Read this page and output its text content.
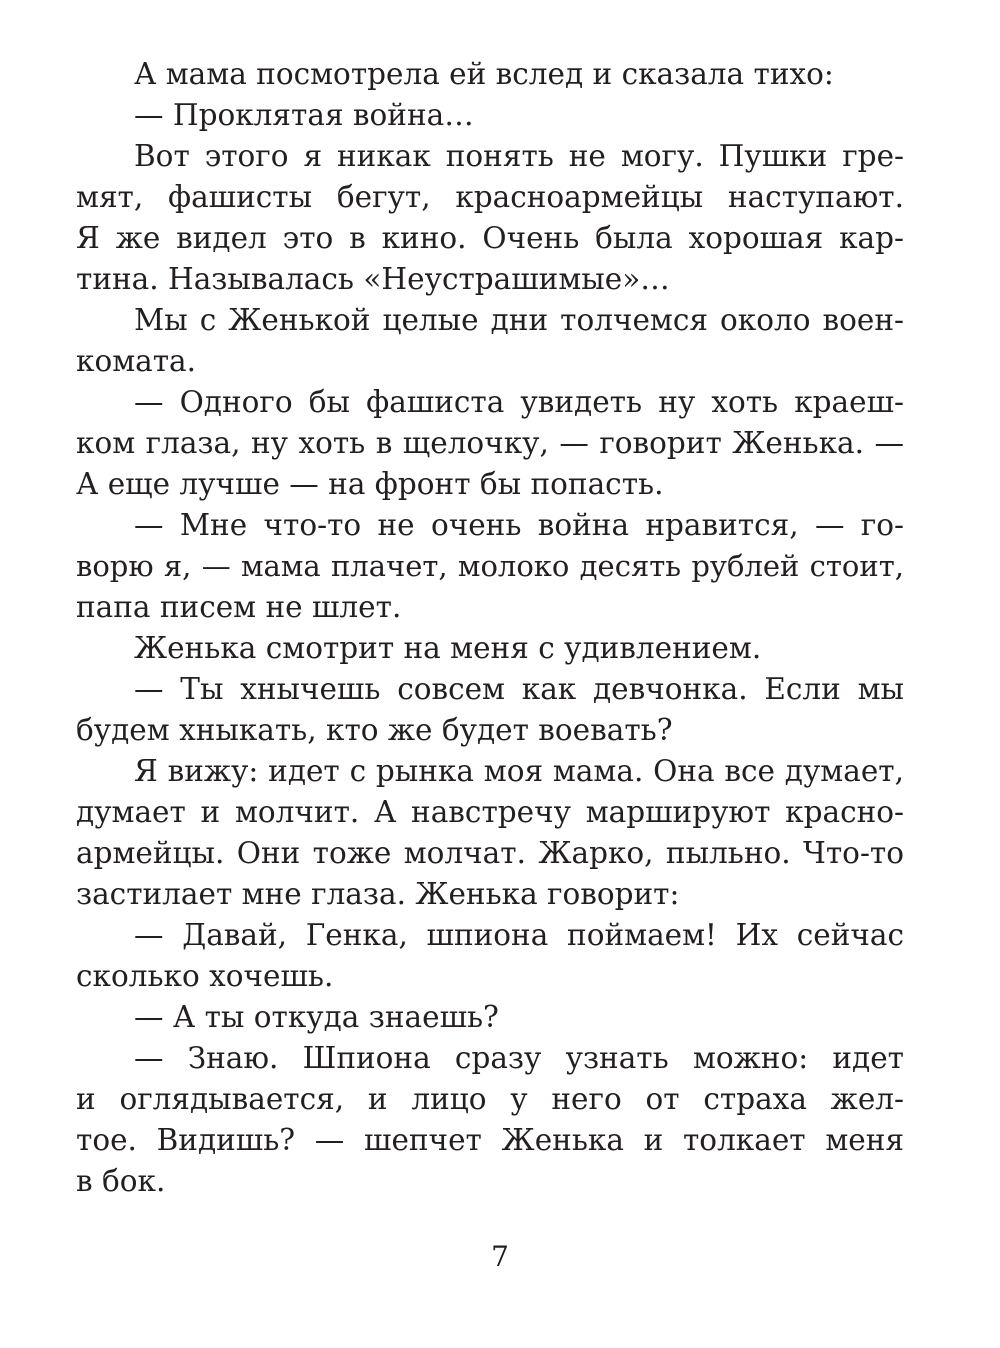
А мама посмотрела ей вслед и сказала тихо:
— Проклятая война…
Вот этого я никак понять не могу. Пушки гре-
мят, фашисты бегут, красноармейцы наступают.
Я же видел это в кино. Очень была хорошая кар-
тина. Называлась «Неустрашимые»…
Мы с Женькой целые дни толчемся около воен-
комата.
— Одного бы фашиста увидеть ну хоть краеш-
ком глаза, ну хоть в щелочку, — говорит Женька. —
А еще лучше — на фронт бы попасть.
— Мне что-то не очень война нравится, — го-
ворю я, — мама плачет, молоко десять рублей стоит,
папа писем не шлет.
Женька смотрит на меня с удивлением.
— Ты хнычешь совсем как девчонка. Если мы
будем хныкать, кто же будет воевать?
Я вижу: идет с рынка моя мама. Она все думает,
думает и молчит. А навстречу маршируют красно-
армейцы. Они тоже молчат. Жарко, пыльно. Что-то
застилает мне глаза. Женька говорит:
— Давай, Генка, шпиона поймаем! Их сейчас
сколько хочешь.
— А ты откуда знаешь?
— Знаю. Шпиона сразу узнать можно: идет
и оглядывается, и лицо у него от страха жел-
тое. Видишь? — шепчет Женька и толкает меня
в бок.
7
